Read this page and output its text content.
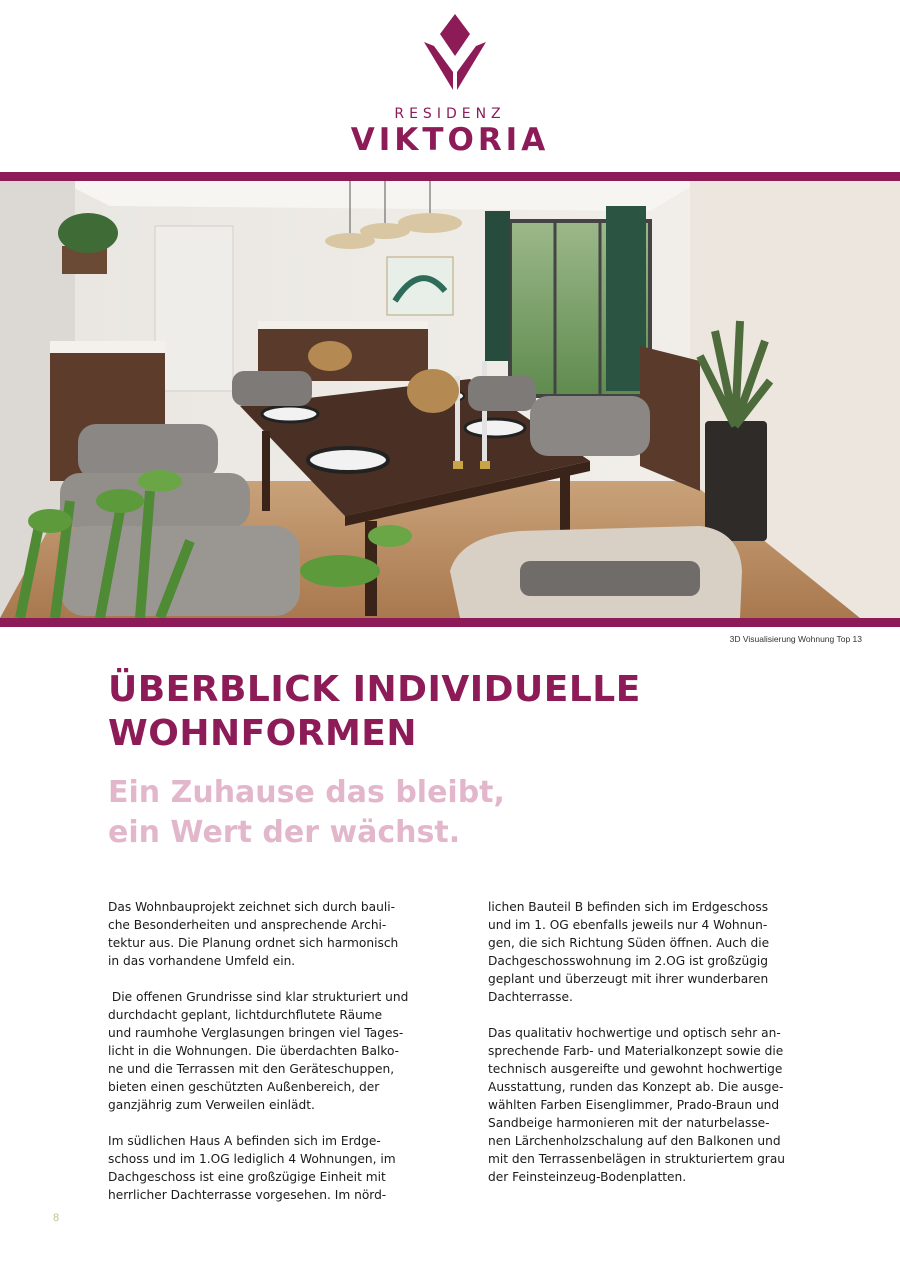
RESIDENZ
VIKTORIA
3D Visualisierung Wohnung Top 13
ÜBERBLICK INDIVIDUELLE
WOHNFORMEN
Ein Zuhause das bleibt,
ein Wert der wächst.

Das Wohnbauprojekt zeichnet sich durch bauli-
che Besonderheiten und ansprechende Archi-
tektur aus. Die Planung ordnet sich harmonisch
in das vorhandene Umfeld ein.

Die offenen Grundrisse sind klar strukturiert und
durchdacht geplant, lichtdurchflutete Räume
und raumhohe Verglasungen bringen viel Tages-
licht in die Wohnungen. Die überdachten Balko-
ne und die Terrassen mit den Geräteschuppen,
bieten einen geschützten Außenbereich, der
ganzjährig zum Verweilen einlädt.

Im südlichen Haus A befinden sich im Erdge-
schoss und im 1.OG lediglich 4 Wohnungen, im
Dachgeschoss ist eine großzügige Einheit mit
herrlicher Dachterrasse vorgesehen. Im nörd-

lichen Bauteil B befinden sich im Erdgeschoss
und im 1. OG ebenfalls jeweils nur 4 Wohnun-
gen, die sich Richtung Süden öffnen. Auch die
Dachgeschosswohnung im 2.OG ist großzügig
geplant und überzeugt mit ihrer wunderbaren
Dachterrasse.

Das qualitativ hochwertige und optisch sehr an-
sprechende Farb- und Materialkonzept sowie die
technisch ausgereifte und gewohnt hochwertige
Ausstattung, runden das Konzept ab. Die ausge-
wählten Farben Eisenglimmer, Prado-Braun und
Sandbeige harmonieren mit der naturbelasse-
nen Lärchenholzschalung auf den Balkonen und
mit den Terrassenbelägen in strukturiertem grau
der Feinsteinzeug-Bodenplatten.

8
